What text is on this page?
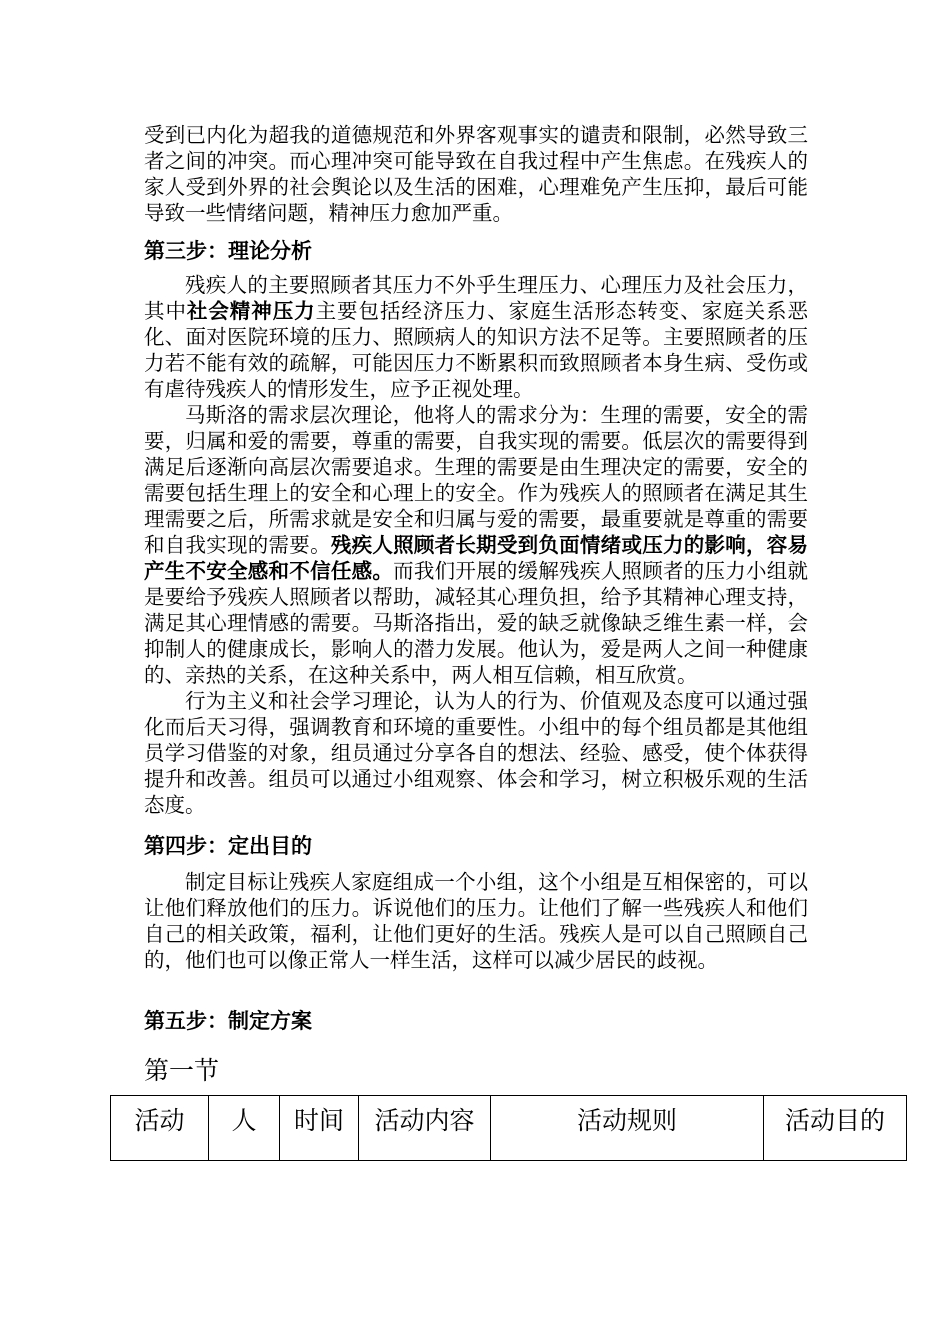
受到已内化为超我的道德规范和外界客观事实的谴责和限制，必然导致三者之间的冲突。而心理冲突可能导致在自我过程中产生焦虑。在残疾人的家人受到外界的社会舆论以及生活的困难，心理难免产生压抑，最后可能导致一些情绪问题，精神压力愈加严重。

第三步：理论分析

残疾人的主要照顾者其压力不外乎生理压力、心理压力及社会压力，其中社会精神压力主要包括经济压力、家庭生活形态转变、家庭关系恶化、面对医院环境的压力、照顾病人的知识方法不足等。主要照顾者的压力若不能有效的疏解，可能因压力不断累积而致照顾者本身生病、受伤或有虐待残疾人的情形发生，应予正视处理。

马斯洛的需求层次理论，他将人的需求分为：生理的需要，安全的需要，归属和爱的需要，尊重的需要，自我实现的需要。低层次的需要得到满足后逐渐向高层次需要追求。生理的需要是由生理决定的需要，安全的需要包括生理上的安全和心理上的安全。作为残疾人的照顾者在满足其生理需要之后，所需求就是安全和归属与爱的需要，最重要就是尊重的需要和自我实现的需要。残疾人照顾者长期受到负面情绪或压力的影响，容易产生不安全感和不信任感。而我们开展的缓解残疾人照顾者的压力小组就是要给予残疾人照顾者以帮助，减轻其心理负担，给予其精神心理支持，满足其心理情感的需要。马斯洛指出，爱的缺乏就像缺乏维生素一样，会抑制人的健康成长，影响人的潜力发展。他认为，爱是两人之间一种健康的、亲热的关系，在这种关系中，两人相互信赖，相互欣赏。

行为主义和社会学习理论，认为人的行为、价值观及态度可以通过强化而后天习得，强调教育和环境的重要性。小组中的每个组员都是其他组员学习借鉴的对象，组员通过分享各自的想法、经验、感受，使个体获得提升和改善。组员可以通过小组观察、体会和学习，树立积极乐观的生活态度。

第四步：定出目的

制定目标让残疾人家庭组成一个小组，这个小组是互相保密的，可以让他们释放他们的压力。诉说他们的压力。让他们了解一些残疾人和他们自己的相关政策，福利，让他们更好的生活。残疾人是可以自己照顾自己的，他们也可以像正常人一样生活，这样可以减少居民的歧视。

第五步：制定方案
第一节
活动	人	时间	活动内容	活动规则	活动目的
